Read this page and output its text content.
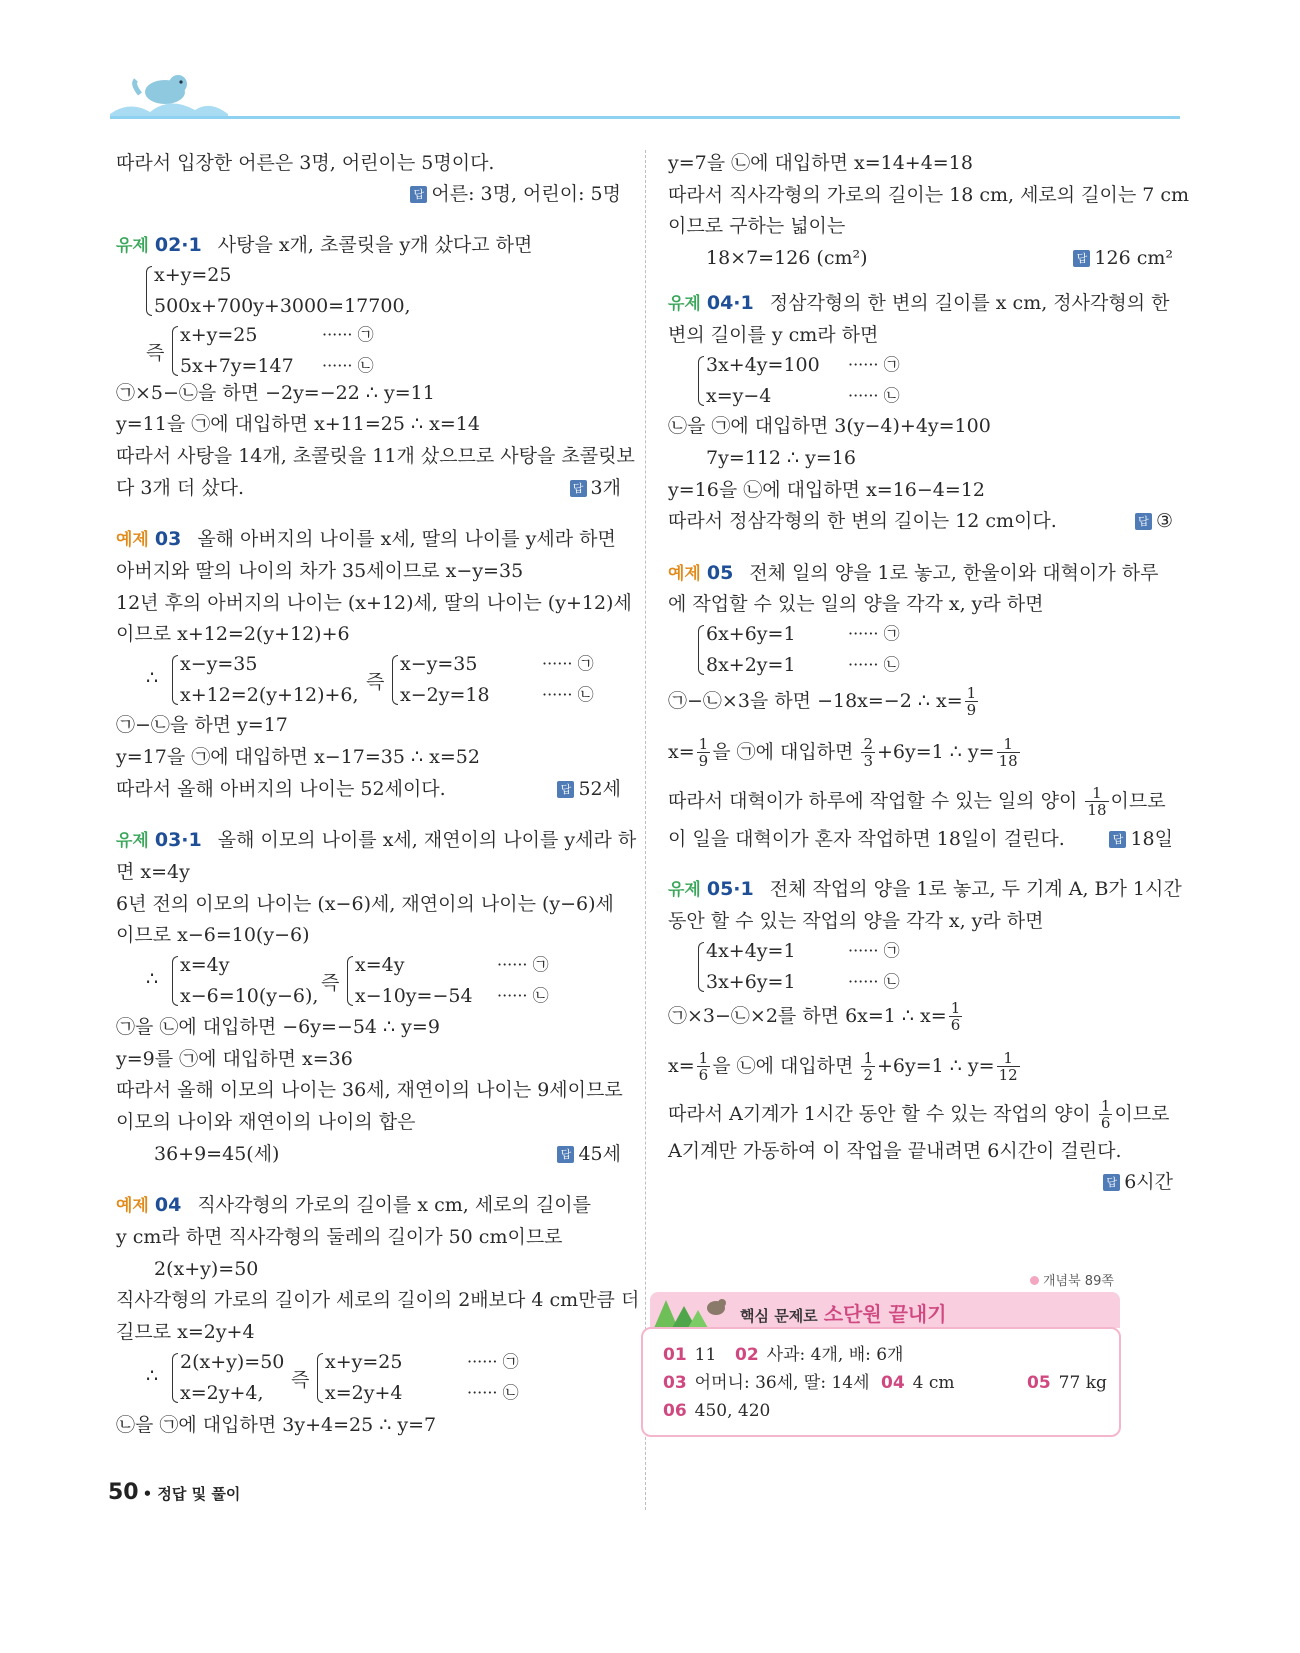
따라서 입장한 어른은 3명, 어린이는 5명이다.
답 어른: 3명, 어린이: 5명
유제 02·1 사탕을 x개, 초콜릿을 y개 샀다고 하면
x+y=25
500x+700y+3000=17700,
즉
x+y=25	······ ㉠
5x+7y=147 ······ ㉡
㉠×5−㉡을 하면 −2y=−22 ∴ y=11
y=11을 ㉠에 대입하면 x+11=25 ∴ x=14
따라서 사탕을 14개, 초콜릿을 11개 샀으므로 사탕을 초콜릿보
다 3개 더 샀다.	답 3개
예제 03 올해 아버지의 나이를 x세, 딸의 나이를 y세라 하면
아버지와 딸의 나이의 차가 35세이므로 x−y=35
12년 후의 아버지의 나이는 (x+12)세, 딸의 나이는 (y+12)세
이므로 x+12=2(y+12)+6
∴
x−y=35
x+12=2(y+12)+6,
즉
x−y=35	······ ㉠
x−2y=18	······ ㉡
㉠−㉡을 하면 y=17
y=17을 ㉠에 대입하면 x−17=35 ∴ x=52
따라서 올해 아버지의 나이는 52세이다.	답 52세
유제 03·1 올해 이모의 나이를 x세, 재연이의 나이를 y세라 하
면 x=4y
6년 전의 이모의 나이는 (x−6)세, 재연이의 나이는 (y−6)세
이므로 x−6=10(y−6)
∴
x=4y
x−6=10(y−6),
즉
x=4y	······ ㉠
x−10y=−54 ······ ㉡
㉠을 ㉡에 대입하면 −6y=−54 ∴ y=9
y=9를 ㉠에 대입하면 x=36
따라서 올해 이모의 나이는 36세, 재연이의 나이는 9세이므로
이모의 나이와 재연이의 나이의 합은
36+9=45(세)	답 45세
예제 04 직사각형의 가로의 길이를 x cm, 세로의 길이를
y cm라 하면 직사각형의 둘레의 길이가 50 cm이므로
2(x+y)=50
직사각형의 가로의 길이가 세로의 길이의 2배보다 4 cm만큼 더
길므로 x=2y+4
∴
2(x+y)=50
x=2y+4,
즉
x+y=25	······ ㉠
x=2y+4	······ ㉡
㉡을 ㉠에 대입하면 3y+4=25 ∴ y=7
y=7을 ㉡에 대입하면 x=14+4=18
따라서 직사각형의 가로의 길이는 18 cm, 세로의 길이는 7 cm
이므로 구하는 넓이는
18×7=126 (cm²)	답 126 cm²
유제 04·1 정삼각형의 한 변의 길이를 x cm, 정사각형의 한
변의 길이를 y cm라 하면
3x+4y=100 ······ ㉠
x=y−4	······ ㉡
㉡을 ㉠에 대입하면 3(y−4)+4y=100
7y=112 ∴ y=16
y=16을 ㉡에 대입하면 x=16−4=12
따라서 정삼각형의 한 변의 길이는 12 cm이다.	답 ③
예제 05 전체 일의 양을 1로 놓고, 한울이와 대혁이가 하루
에 작업할 수 있는 일의 양을 각각 x, y라 하면
6x+6y=1	······ ㉠
8x+2y=1	······ ㉡
㉠−㉡×3을 하면 −18x=−2 ∴ $x= \frac{1}{9}$
$x= \frac{1}{9}$ 을 ㉠에 대입하면 $\frac{2}{3} +6y=1$ ∴ $y= \frac{1}{18}$
따라서 대혁이가 하루에 작업할 수 있는 일의 양이 $\frac{1}{18}$ 이므로
이 일을 대혁이가 혼자 작업하면 18일이 걸린다.	답 18일
유제 05·1 전체 작업의 양을 1로 놓고, 두 기계 A, B가 1시간
동안 할 수 있는 작업의 양을 각각 x, y라 하면
4x+4y=1	······ ㉠
3x+6y=1	······ ㉡
㉠×3−㉡×2를 하면 6x=1 ∴ $x= \frac{1}{6}$
$x= \frac{1}{6}$ 을 ㉡에 대입하면 $\frac{1}{2} +6y=1$ ∴ $y= \frac{1}{12}$
따라서 A기계가 1시간 동안 할 수 있는 작업의 양이 $\frac{1}{6}$ 이므로
A기계만 가동하여 이 작업을 끝내려면 6시간이 걸린다.
답 6시간
개념북 89쪽
핵심 문제로 소단원 끝내기
01 11 02 사과: 4개, 배: 6개
03 어머니: 36세, 딸: 14세 04 4 cm	05 77 kg
06 450, 420
50 • 정답 및 풀이
